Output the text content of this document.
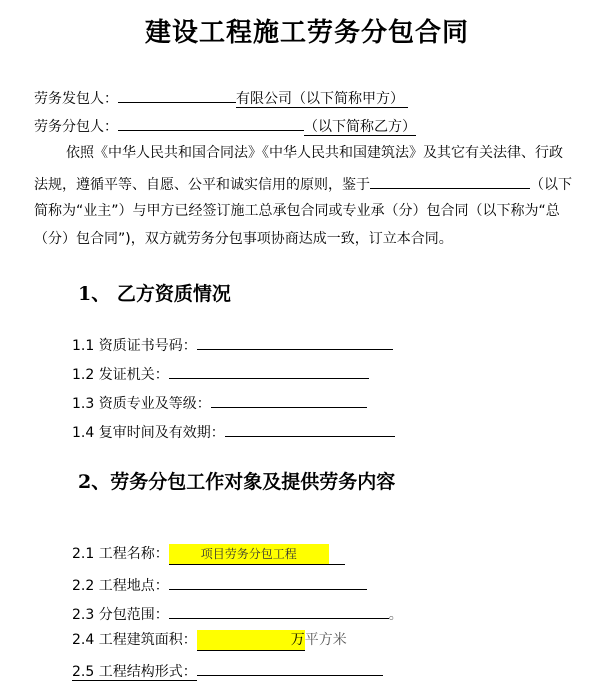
建设工程施工劳务分包合同
劳务发包人：	有限公司（以下简称甲方）
劳务分包人：	（以下简称乙方）
依照《中华人民共和国合同法》《中华人民共和国建筑法》及其它有关法律、行政
法规，遵循平等、自愿、公平和诚实信用的原则，鉴于	（以下
简称为“业主”）与甲方已经签订施工总承包合同或专业承（分）包合同（以下称为“总
（分）包合同”)，双方就劳务分包事项协商达成一致，订立本合同。
1、 乙方资质情况
1.1 资质证书号码：
1.2 发证机关：
1.3 资质专业及等级：
1.4 复审时间及有效期：
2、劳务分包工作对象及提供劳务内容
2.1 工程名称：	项目劳务分包工程
2.2 工程地点：
2.3 分包范围：	。
2.4 工程建筑面积：	万平方米
2.5 工程结构形式：
